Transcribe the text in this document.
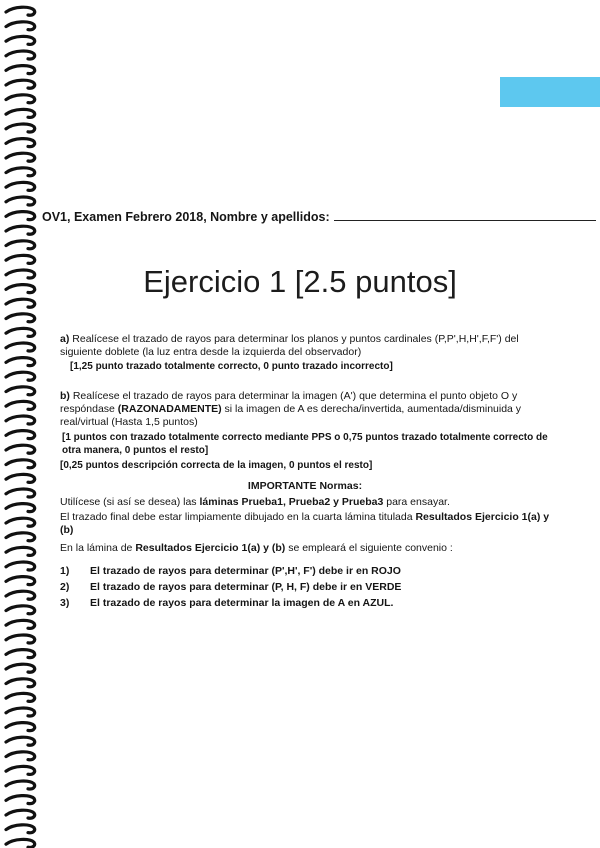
OV1, Examen Febrero 2018, Nombre y apellidos:
Ejercicio 1 [2.5 puntos]
a) Realícese el trazado de rayos para determinar los planos y puntos cardinales (P,P',H,H',F,F') del siguiente doblete (la luz entra desde la izquierda del observador)
[1,25 punto trazado totalmente correcto, 0 punto trazado incorrecto]
b) Realícese el trazado de rayos para determinar la imagen (A') que determina el punto objeto O y respóndase (RAZONADAMENTE) si la imagen de A es derecha/invertida, aumentada/disminuida y real/virtual (Hasta 1,5 puntos)
[1 puntos con trazado totalmente correcto mediante PPS o 0,75 puntos trazado totalmente correcto de otra manera, 0 puntos el resto]
[0,25 puntos descripción correcta de la imagen, 0 puntos el resto]
IMPORTANTE Normas:
Utilícese (si así se desea) las láminas Prueba1, Prueba2 y Prueba3 para ensayar.
El trazado final debe estar limpiamente dibujado en la cuarta lámina titulada Resultados Ejercicio 1(a) y (b)
En la lámina de Resultados Ejercicio 1(a) y (b) se empleará el siguiente convenio :
1) El trazado de rayos para determinar (P',H', F') debe ir en ROJO
2) El trazado de rayos para determinar (P, H, F) debe ir en VERDE
3) El trazado de rayos para determinar la imagen de A en AZUL.
